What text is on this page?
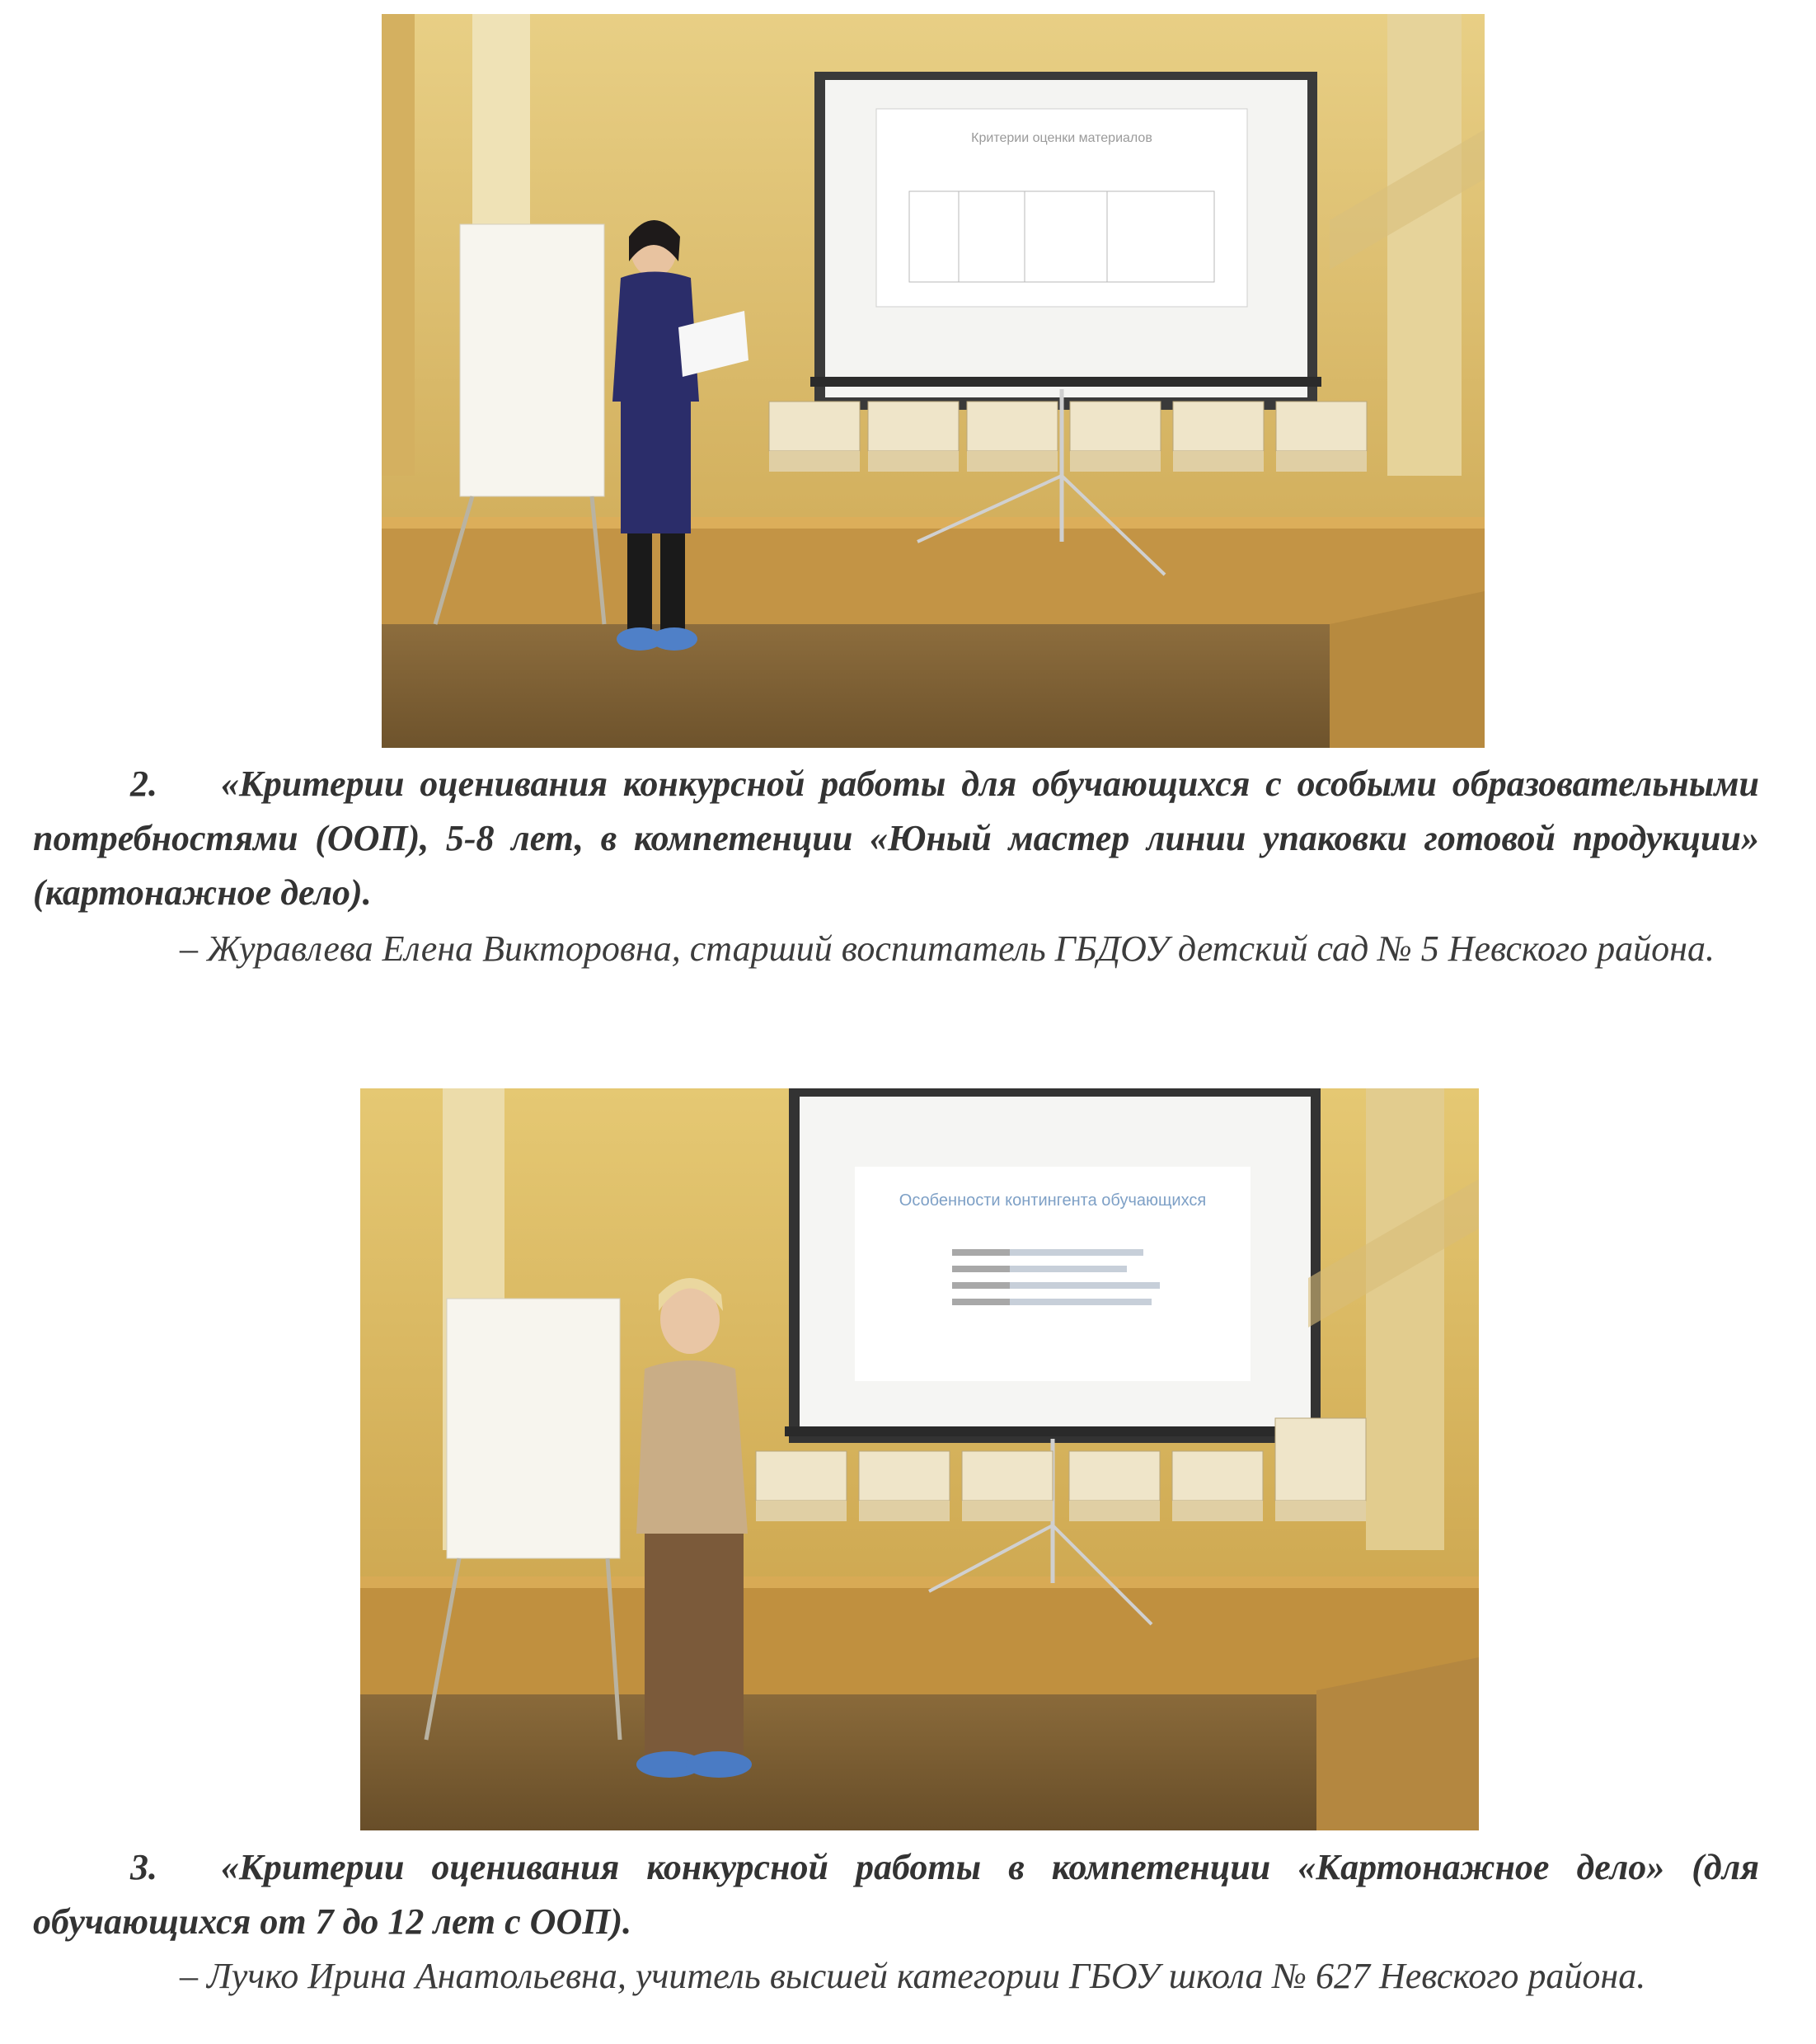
Критерии оценки материалов

2. «Критерии оценивания конкурсной работы для обучающихся с особыми образовательными потребностями (ООП), 5-8 лет, в компетенции «Юный мастер линии упаковки готовой продукции» (картонажное дело).

– Журавлева Елена Викторовна, старший воспитатель ГБДОУ детский сад № 5 Невского района.

Особенности контингента обучающихся

3. «Критерии оценивания конкурсной работы в компетенции «Картонажное дело» (для обучающихся от 7 до 12 лет с ООП).

– Лучко Ирина Анатольевна, учитель высшей категории ГБОУ школа № 627 Невского района.
